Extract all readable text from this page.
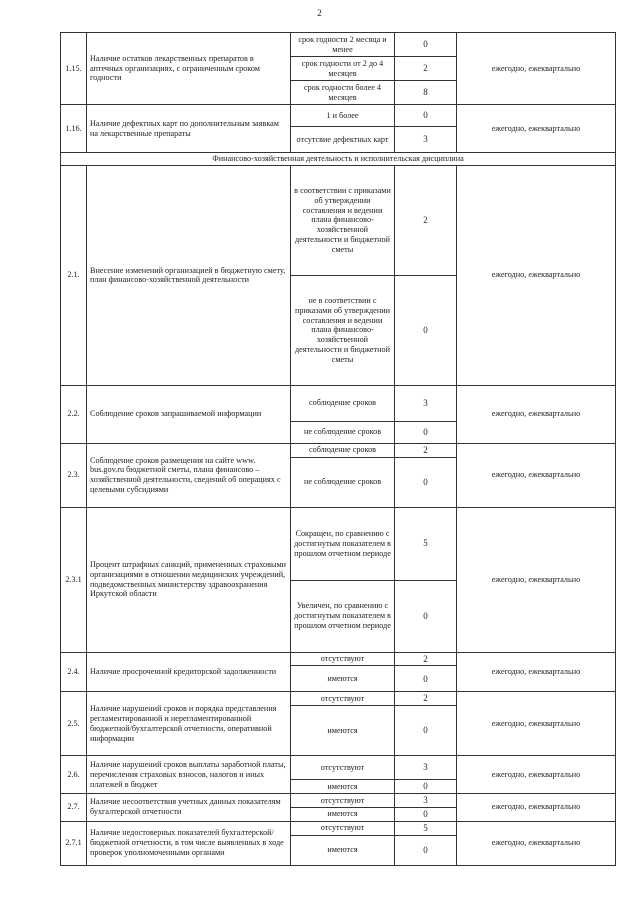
2
1.15.	Наличие остатков лекарственных препаратов в аптечных организациях, с ограниченным сроком годности	срок годности 2 месяца и менее	0	ежегодно, ежеквартально
		срок годности от 2 до 4 месяцев	2	
		срок годности более 4 месяцев	8	
1.16.	Наличие дефектных карт по дополнительным заявкам на лекарственные препараты	1 и более	0	ежегодно, ежеквартально
		отсутсвие дефектных карт	3	
Финансово-хозяйственная деятельность и исполнительская дисциплина				
2.1.	Внесение изменений организацией в бюджетную смету, план финансово-хозяйственной деятельности	в соответствии с приказами об утверждении составления и ведении плана финансово-хозяйственной деятельности и бюджетной сметы	2	ежегодно, ежеквартально
		не в соответствии с приказами об утверждении составления и ведении плана финансово-хозяйственной деятельности и бюджетной сметы	0	
2.2.	Соблюдение сроков запрашиваемой информации	соблюдение сроков	3	ежегодно, ежеквартально
		не соблюдение сроков	0	
2.3.	Соблюдение сроков размещения на сайте www. bus.gov.ru бюджетной сметы, плана финансово – хозяйственной деятельности, сведений об операциях с целевыми субсидиями	соблюдение сроков	2	ежегодно, ежеквартально
		не соблюдение сроков	0	
2.3.1	Процент штрафных санкций, примененных страховыми организациями в отношении медицинских учреждений, подведомственных министерству здравоохранения Иркутской области	Сокращен, по сравнению с достигнутым показателем в прошлом отчетном периоде	5	ежегодно, ежеквартально
		Увеличен, по сравнению с достигнутым показателем в прошлом отчетном периоде	0	
2.4.	Наличие просроченной кредиторской задолженности	отсутствуют	2	ежегодно, ежеквартально
		имеются	0	
2.5.	Наличие нарушений сроков и порядка представления регламентированной и нерегламентированной бюджетной/бухгалтерской отчетности, оперативной информации	отсутствуют	2	ежегодно, ежеквартально
		имеются	0	
2.6.	Наличие нарушений сроков выплаты заработной платы, перечисления страховых взносов, налогов и иных платежей в бюджет	отсутствуют	3	ежегодно, ежеквартально
		имеются	0	
2.7.	Наличие несоответствия учетных данных показателям бухгалтерской отчетности	отсутствуют	3	ежегодно, ежеквартально
		имеются	0	
2.7.1	Наличие недостоверных показателей бухгалтерской/бюджетной отчетности, в том числе выявленных в ходе проверок уполномоченными органами	отсутствуют	5	ежегодно, ежеквартально
		имеются	0	
